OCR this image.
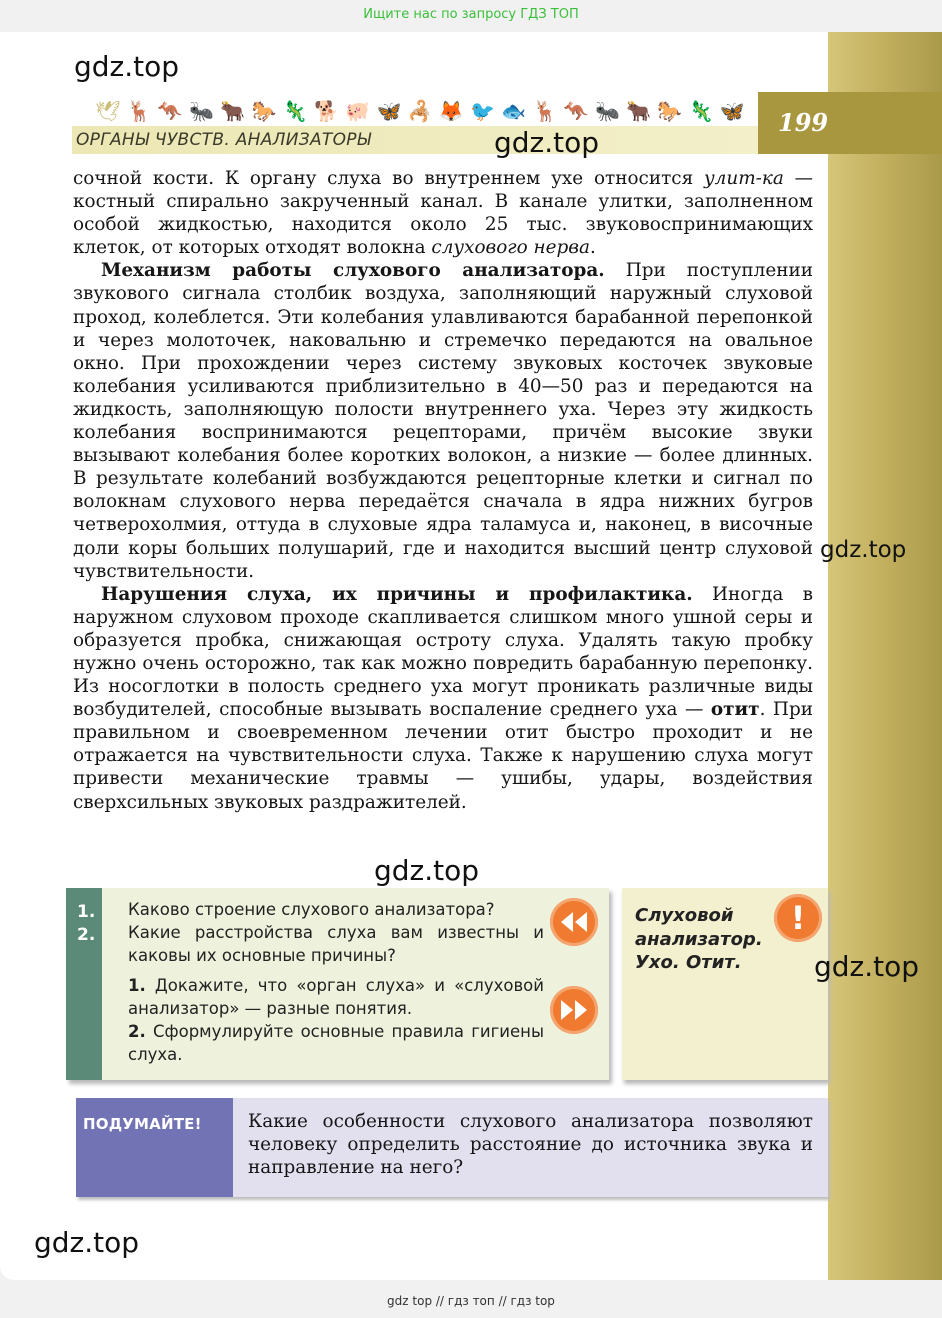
Ищите нас по запросу ГДЗ ТОП
199
🕊 🦌 🦘 🐜 🐂 🐎 🦎 🐕 🐖 🦋 🦂 🦊 🐦 🐟 🦌 🦘 🐜 🐂 🐎 🦎 🦋
ОРГАНЫ ЧУВСТВ. АНАЛИЗАТОРЫ

сочной кости. К органу слуха во внутреннем ухе относится улит-ка — костный спирально закрученный канал. В канале улитки, заполненном особой жидкостью, находится около 25 тыс. звуковоспринимающих клеток, от которых отходят волокна слухового нерва.

Механизм работы слухового анализатора. При поступлении звукового сигнала столбик воздуха, заполняющий наружный слуховой проход, колеблется. Эти колебания улавливаются барабанной перепонкой и через молоточек, наковальню и стремечко передаются на овальное окно. При прохождении через систему звуковых косточек звуковые колебания усиливаются приблизительно в 40—50 раз и передаются на жидкость, заполняющую полости внутреннего уха. Через эту жидкость колебания воспринимаются рецепторами, причём высокие звуки вызывают колебания более коротких волокон, а низкие — более длинных. В результате колебаний возбуждаются рецепторные клетки и сигнал по волокнам слухового нерва передаётся сначала в ядра нижних бугров четверохолмия, оттуда в слуховые ядра таламуса и, наконец, в височные доли коры больших полушарий, где и находится высший центр слуховой чувствительности.

Нарушения слуха, их причины и профилактика. Иногда в наружном слуховом проходе скапливается слишком много ушной серы и образуется пробка, снижающая остроту слуха. Удалять такую пробку нужно очень осторожно, так как можно повредить барабанную перепонку. Из носоглотки в полость среднего уха могут проникать различные виды возбудителей, способные вызывать воспаление среднего уха — отит. При правильном и своевременном лечении отит быстро проходит и не отражается на чувствительности слуха. Также к нарушению слуха могут привести механические травмы — ушибы, удары, воздействия сверхсильных звуковых раздражителей.

1.
2.

Каково строение слухового анализатора?

Какие расстройства слуха вам известны и каковы их основные причины?

1. Докажите, что «орган слуха» и «слуховой анализатор» — разные понятия.

2. Сформулируйте основные правила гигиены слуха.

Слуховой
анализатор.
Ухо. Отит.
!
ПОДУМАЙТЕ!	Какие особенности слухового анализатора позволяют человеку определить расстояние до источника звука и направление на него?
gdz.top
gdz.top
gdz.top
gdz.top
gdz.top
gdz.top
gdz top // гдз топ // гдз top
